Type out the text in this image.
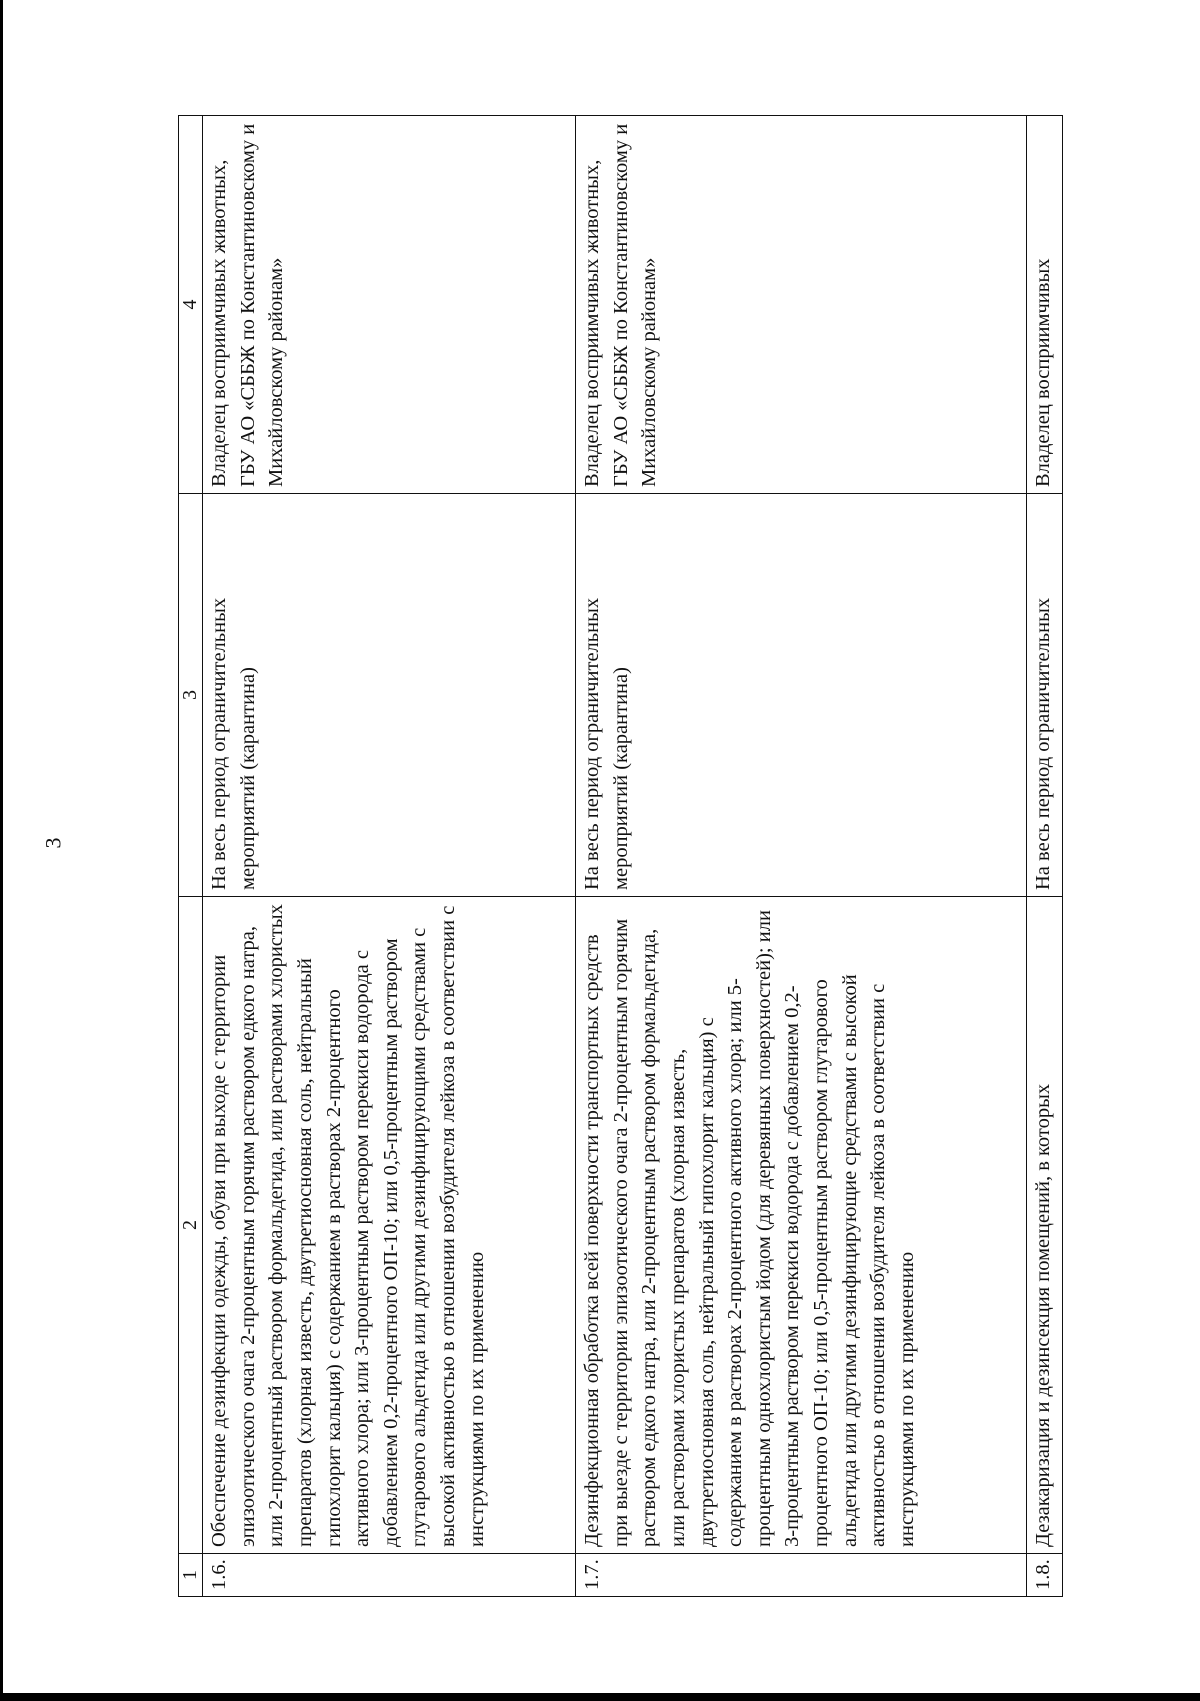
3
1	2	3	4
1.6.	Обеспечение дезинфекции одежды, обуви при выходе с территории эпизоотического очага 2-процентным горячим раствором едкого натра, или 2-процентный раствором формальдегида, или растворами хлористых препаратов (хлорная известь, двутретиосновная соль, нейтральный гипохлорит кальция) с содержанием в растворах 2-процентного активного хлора; или 3-процентным раствором перекиси водорода с добавлением 0,2-процентного ОП-10; или 0,5-процентным раствором глутарового альдегида или другими дезинфицирующими средствами с высокой активностью в отношении возбудителя лейкоза в соответствии с инструкциями по их применению	На весь период ограничительных мероприятий (карантина)	Владелец восприимчивых животных, ГБУ АО «СББЖ по Константиновскому и Михайловскому районам»
1.7.	Дезинфекционная обработка всей поверхности транспортных средств при выезде с территории эпизоотического очага 2-процентным горячим раствором едкого натра, или 2-процентным раствором формальдегида, или растворами хлористых препаратов (хлорная известь, двутретиосновная соль, нейтральный гипохлорит кальция) с содержанием в растворах 2-процентного активного хлора; или 5-процентным однохлористым йодом (для деревянных поверхностей); или 3-процентным раствором перекиси водорода с добавлением 0,2-процентного ОП-10; или 0,5-процентным раствором глутарового альдегида или другими дезинфицирующие средствами с высокой активностью в отношении возбудителя лейкоза в соответствии с инструкциями по их применению	На весь период ограничительных мероприятий (карантина)	Владелец восприимчивых животных, ГБУ АО «СББЖ по Константиновскому и Михайловскому районам»
1.8.	Дезакаризация и дезинсекция помещений, в которых	На весь период ограничительных	Владелец восприимчивых
